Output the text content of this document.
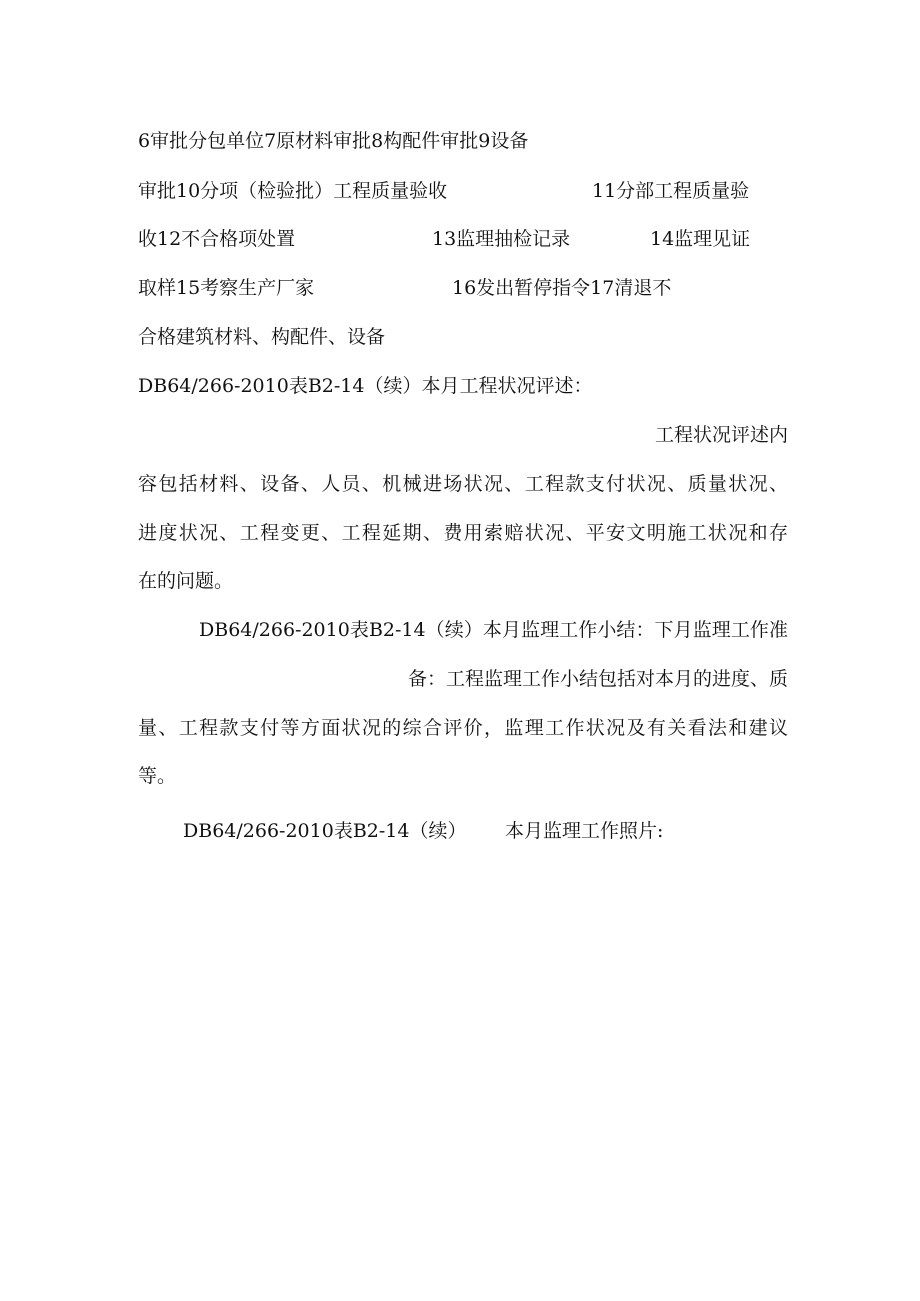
6审批分包单位7原材料审批8构配件审批9设备
审批10分项（检验批）工程质量验收	11分部工程质量验
收12不合格项处置	13监理抽检记录	14监理见证
取样15考察生产厂家	16发出暂停指令17清退不
合格建筑材料、构配件、设备
DB64/266-2010表B2-14（续）本月工程状况评述：
工程状况评述内
容包括材料、设备、人员、机械进场状况、工程款支付状况、质量状况、
进度状况、工程变更、工程延期、费用索赔状况、平安文明施工状况和存
在的问题。
DB64/266-2010表B2-14（续）本月监理工作小结：下月监理工作准
备：工程监理工作小结包括对本月的进度、质
量、工程款支付等方面状况的综合评价，监理工作状况及有关看法和建议
等。
DB64/266-2010表B2-14（续） 本月监理工作照片:
